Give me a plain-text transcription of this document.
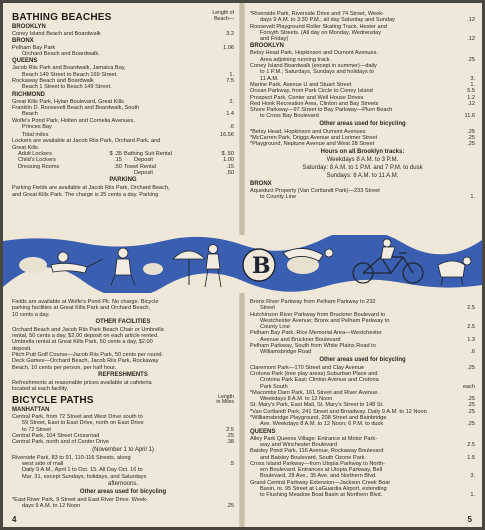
BATHING BEACHES	Length of
Beach—
BROOKLYN
Coney Island Beach and Boardwalk	3.2
BRONX
Pelham Bay Park	1.06
Orchard Beach and Boardwalk.
QUEENS
Jacob Riis Park and Boardwalk, Jamaica Bay,
Beach 149 Street to Beach 169 Street.	1.
Rockaway Beach and Boardwalk	7.5
Beach 1 Street to Beach 149 Street.
RICHMOND
Great Kills Park, Hylan Boulevard, Great Kills	2.
Franklin D. Roosevelt Beach and Boardwalk, South
Beach	1.4
Wolfe's Pond Park, Holten and Cornelia Avenues,
Princes Bay	.6
Total miles	16.56
Lockers are available at Jacob Riis Park, Orchard Park, and
Great Kills.
Adult Lockers	$ .35
Child's Lockers	.15
Dressing Rooms	.50
Bathing Suit Rental	$ .50
Deposit	1.00
Towel Rental	.15
Deposit	.50
PARKING
Parking Fields are available at Jacob Riis Park, Orchard Beach,
and Great Kills Park. The charge is 25 cents a day. Parking
Fields are available at Wolfe's Pond Pk. No charge. Bicycle
parking facilities at Great Kills Park and Orchard Beach,
10 cents a day.
OTHER FACILITIES
Orchard Beach and Jacob Riis Park Beach Chair or Umbrella
rental, 50 cents a day, $2.00 deposit on each article rented.
Umbrella rental at Great Kills Park, 50 cents a day, $2.00
deposit.
Pitch Putt Golf Course—Jacob Riis Park, 50 cents per round.
Deck Games—Orchard Beach, Jacob Riis Park, Rockaway
Beach, 10 cents per person, per half hour.
REFRESHMENTS
Refreshments at reasonable prices available at cafeteria
located at each facility.
BICYCLE PATHS	Length
in Miles
MANHATTAN
Central Park, from 72 Street and West Drive south to
59 Street, East to East Drive, north on East Drive
to 72 Street	2.5
Central Park, 104 Street Crossroad	.25
Central Park, north and of Center Drive	.38
(November 1 to April 1)
Riverside Park, 83 to 91, 110-116 Streets, along
west side of mall	.5
Daily 9 A.M., April 1 to Oct. 15. All Day Oct. 16 to
Mar. 31, except Sundays, holidays, and Saturdays
afternoons.
Other areas used for bicycling
*East River Park, 9 Street and East River Drive. Week-
days 9 A.M. to 12 Noon	.25
4
*Riverside Park, Riverside Drive and 74 Street, Week-
days 9 A.M. to 3:30 P.M.; all day Saturday and Sunday	.12
Roosevelt Playground Roller Skating Track, Hester and
Forsyth Streets. (All day on Monday, Wednesday
and Friday)	.12
BROOKLYN
Betsy Head Park, Hopkinson and Dumont Avenues.
Area adjoining running track	.25
Coney Island Boardwalk (except in summer)—daily
to 1 P.M.; Saturdays, Sundays and holidays to
11 A.M.	3.
Marine Park, Avenue U and Stuart Street	1.
Ocean Parkway, from Park Circle to Coney Island	5.5
Prospect Park, Center and Well House Drives	1.2
Red Hook Recreation Area, Clinton and Bay Streets	.12
Shore Parkway—97 Street to Bay Parkway—Plum Beach
to Cross Bay Boulevard	11.6
Other areas used for bicycling
*Betsy Head, Hopkinson and Dumont Avenues	.25
*McCarren Park, Driggs Avenue and Lorimer Street	.25
*Playground, Neptune Avenue and West 28 Street	.25
Hours on all Brooklyn tracks:
Weekdays 8 A.M. to 3 P.M.
Saturday: 8 A.M. to 1 P.M. and 7 P.M. to dusk
Sundays: 8 A.M. to 11 A.M.
BRONX
Aqueduct Property (Van Cortlandt Park)—233 Street
to County Line	1.
Bronx River Parkway from Pelham Parkway to 232
Street	2.5
Hutchinson River Parkway from Bruckner Boulevard to
Westchester Avenue; Bronx and Pelham Parkway to
County Line	2.5
Pelham Bay Park, Rice Memorial Area—Westchester
Avenue and Bruckner Boulevard	1.3
Pelham Parkway, South from White Plains Road to
Williamsbridge Road	.6
Other areas used for bicycling
Claremont Park—170 Street and Clay Avenue	.25
Crotona Park (tree play areas) Suburban Place and
Crotona Park East; Clinton Avenue and Crotona
Park South	each
*Macombs Dam Park, 161 Street and River Avenue.
Weekdays 8 A.M. to 12 Noon	.25
St. Mary's Park, East Mall, St. Mary's Street to 148 St.	.25
*Van Cortlandt Park, 241 Street and Broadway. Daily 9 A.M. to 12 Noon	.25
*Williamsbridge Playground, 208 Street and Bainbridge
Ave. Weekdays 8 A.M. to 12 Noon; 6 P.M. to dusk	.25
QUEENS
Alley Park Queens Village: Entrance at Motor Park-
way and Winchester Boulevard	2.5
Baisley Pond Park, 116 Avenue, Rockaway Boulevard
and Baisley Boulevard, South Ozone Park	1.5
Cross Island Parkway—from Utopia Parkway to North-
ern Boulevard. Entrances at Utopia Parkway, Bell
Boulevard, 28 Ave., 35 Ave. and Northern Blvd.	3.
Grand Central Parkway Extension—Jackson Creek Boar
Basin, nr. 95 Street at LaGuardia Airport, extending
to Flushing Meadow Boat Basin at Northern Blvd.	1.
5
B
